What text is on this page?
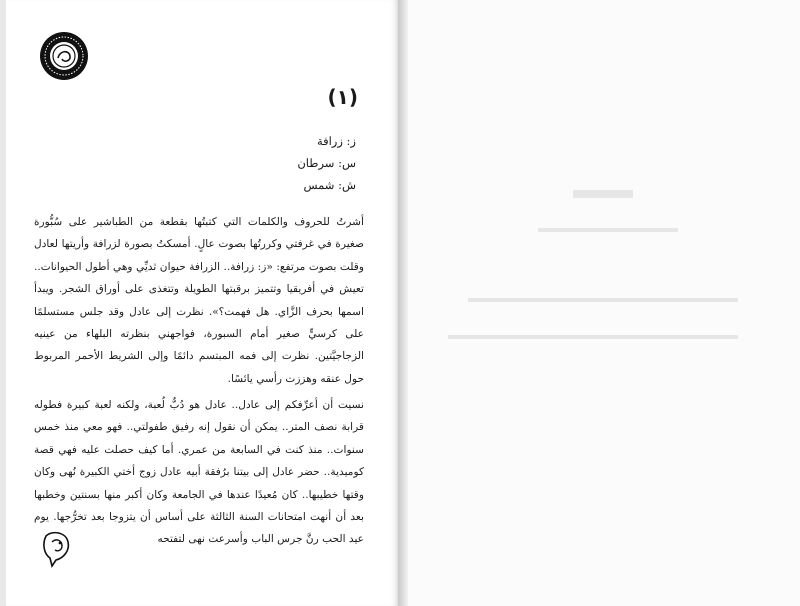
(١)
ز: زرافة
س: سرطان
ش: شمس
أشرتُ للحروف والكلمات التي كتبتُها بقطعة من الطباشير على سُبُّورة صغيرة في غرفتي وكررتُها بصوت عالٍ. أمسكتُ بصورة لزرافة وأريتها لعادل وقلت بصوت مرتفع: «ز: زرافة.. الزرافة حيوان ثديِّي وهي أطول الحيوانات.. تعيش في أفريقيا وتتميز برقبتها الطويلة وتتغذى على أوراق الشجر. ويبدأ اسمها بحرف الزَّاي. هل فهمت؟». نظرت إلى عادل وقد جلس مستسلمًا على كرسيٍّ صغير أمام السبورة، فواجهني بنظرته البلهاء من عينيه الزجاجيَّتين. نظرت إلى فمه المبتسم دائمًا وإلى الشريط الأحمر المربوط حول عنقه وهززت رأسي يائسًا.
نسيت أن أعرِّفكم إلى عادل.. عادل هو دُبٌّ لُعبة، ولكنه لعبة كبيرة فطوله قرابة نصف المتر.. يمكن أن نقول إنه رفيق طفولتي.. فهو معي منذ خمس سنوات.. منذ كنت في السابعة من عمري. أما كيف حصلت عليه فهي قصة كوميدية.. حضر عادل إلى بيتنا برُفقة أبيه عادل زوج أختي الكبيرة نُهى وكان وقتها خطيبها.. كان مُعيدًا عندها في الجامعة وكان أكبر منها بسنتين وخطبها بعد أن أنهت امتحانات السنة الثالثة على أساس أن يتزوجا بعد تخرُّجها. يوم عيد الحب رنَّ جرس الباب وأسرعت نهى لتفتحه
